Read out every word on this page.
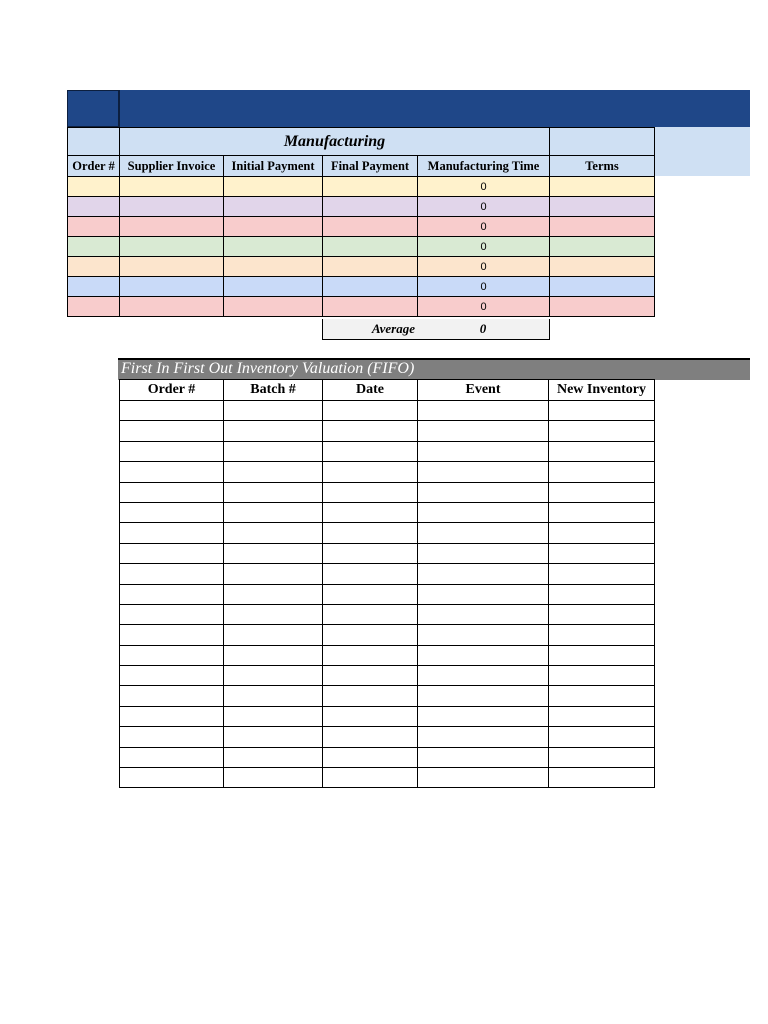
	Manufacturing				
Order #	Supplier Invoice	Initial Payment	Final Payment	Manufacturing Time	Terms
				0	
				0	
				0	
				0	
				0	
				0	
				0	
Average	0
First In First Out Inventory Valuation (FIFO)
Order #	Batch #	Date	Event	New Inventory
